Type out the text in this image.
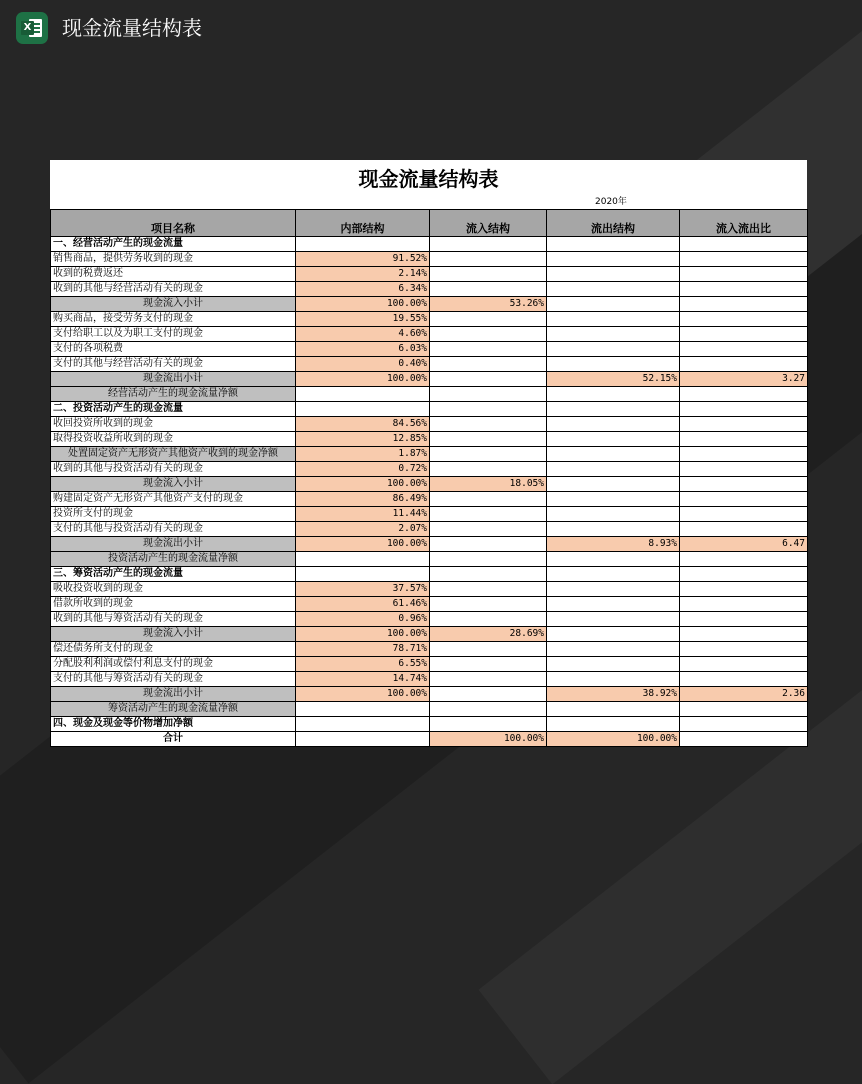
X 现金流量结构表
现金流量结构表
2020年
项目名称	内部结构	流入结构	流出结构	流入流出比
一、经营活动产生的现金流量				
销售商品，提供劳务收到的现金	91.52%			
收到的税费返还	2.14%			
收到的其他与经营活动有关的现金	6.34%			
现金流入小计	100.00%	53.26%		
购买商品，接受劳务支付的现金	19.55%			
支付给职工以及为职工支付的现金	4.60%			
支付的各项税费	6.03%			
支付的其他与经营活动有关的现金	0.40%			
现金流出小计	100.00%		52.15%	3.27
经营活动产生的现金流量净额				
二、投资活动产生的现金流量				
收回投资所收到的现金	84.56%			
取得投资收益所收到的现金	12.85%			
处置固定资产无形资产其他资产收到的现金净额	1.87%			
收到的其他与投资活动有关的现金	0.72%			
现金流入小计	100.00%	18.05%		
购建固定资产无形资产其他资产支付的现金	86.49%			
投资所支付的现金	11.44%			
支付的其他与投资活动有关的现金	2.07%			
现金流出小计	100.00%		8.93%	6.47
投资活动产生的现金流量净额				
三、筹资活动产生的现金流量				
吸收投资收到的现金	37.57%			
借款所收到的现金	61.46%			
收到的其他与筹资活动有关的现金	0.96%			
现金流入小计	100.00%	28.69%		
偿还债务所支付的现金	78.71%			
分配股利利润或偿付利息支付的现金	6.55%			
支付的其他与筹资活动有关的现金	14.74%			
现金流出小计	100.00%		38.92%	2.36
筹资活动产生的现金流量净额				
四、现金及现金等价物增加净额				
合计		100.00%	100.00%	
